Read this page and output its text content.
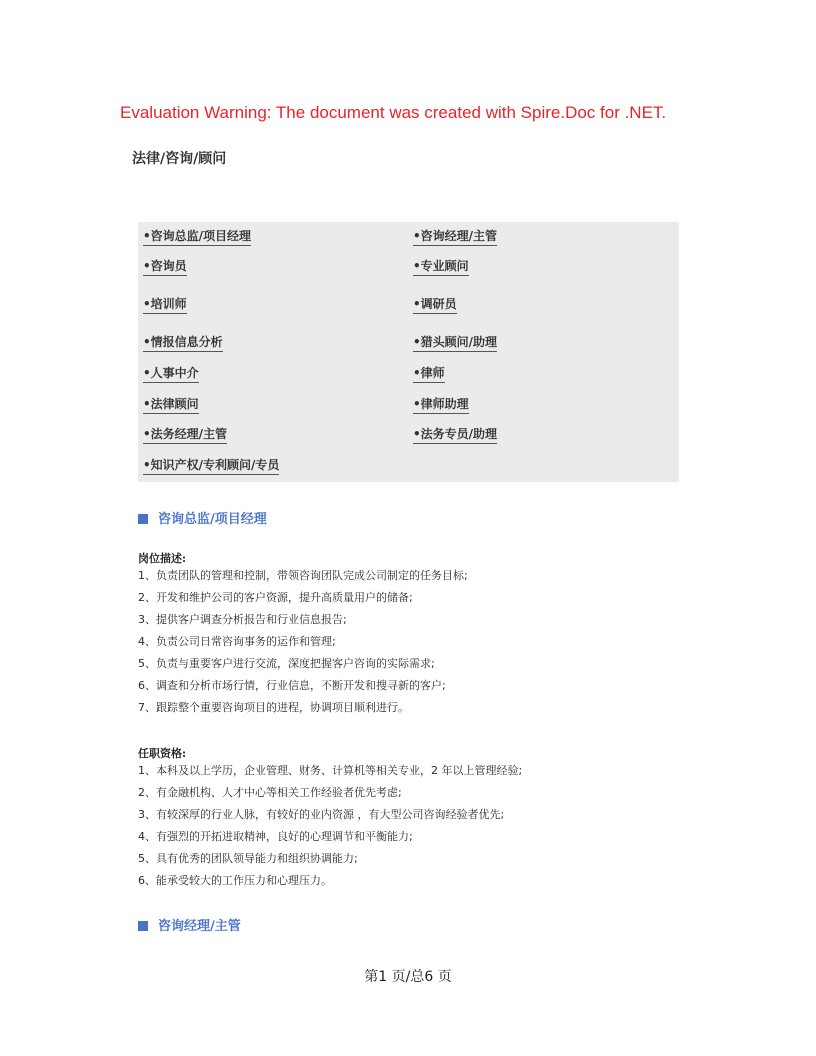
Evaluation Warning: The document was created with Spire.Doc for .NET.
法律/咨询/顾问
•咨询总监/项目经理
•咨询员
•培训师
•情报信息分析
•人事中介
•法律顾问
•法务经理/主管
•知识产权/专利顾问/专员
•咨询经理/主管
•专业顾问
•调研员
•猎头顾问/助理
•律师
•律师助理
•法务专员/助理
咨询总监/项目经理
岗位描述:
1、负责团队的管理和控制，带领咨询团队完成公司制定的任务目标;
2、开发和维护公司的客户资源，提升高质量用户的储备;
3、提供客户调查分析报告和行业信息报告;
4、负责公司日常咨询事务的运作和管理;
5、负责与重要客户进行交流，深度把握客户咨询的实际需求;
6、调查和分析市场行情，行业信息，不断开发和搜寻新的客户;
7、跟踪整个重要咨询项目的进程，协调项目顺利进行。
任职资格:
1、本科及以上学历，企业管理、财务、计算机等相关专业，2 年以上管理经验;
2、有金融机构、人才中心等相关工作经验者优先考虑;
3、有较深厚的行业人脉，有较好的业内资源 ，有大型公司咨询经验者优先;
4、有强烈的开拓进取精神，良好的心理调节和平衡能力;
5、具有优秀的团队领导能力和组织协调能力;
6、能承受较大的工作压力和心理压力。
咨询经理/主管
第1 页/总6 页
